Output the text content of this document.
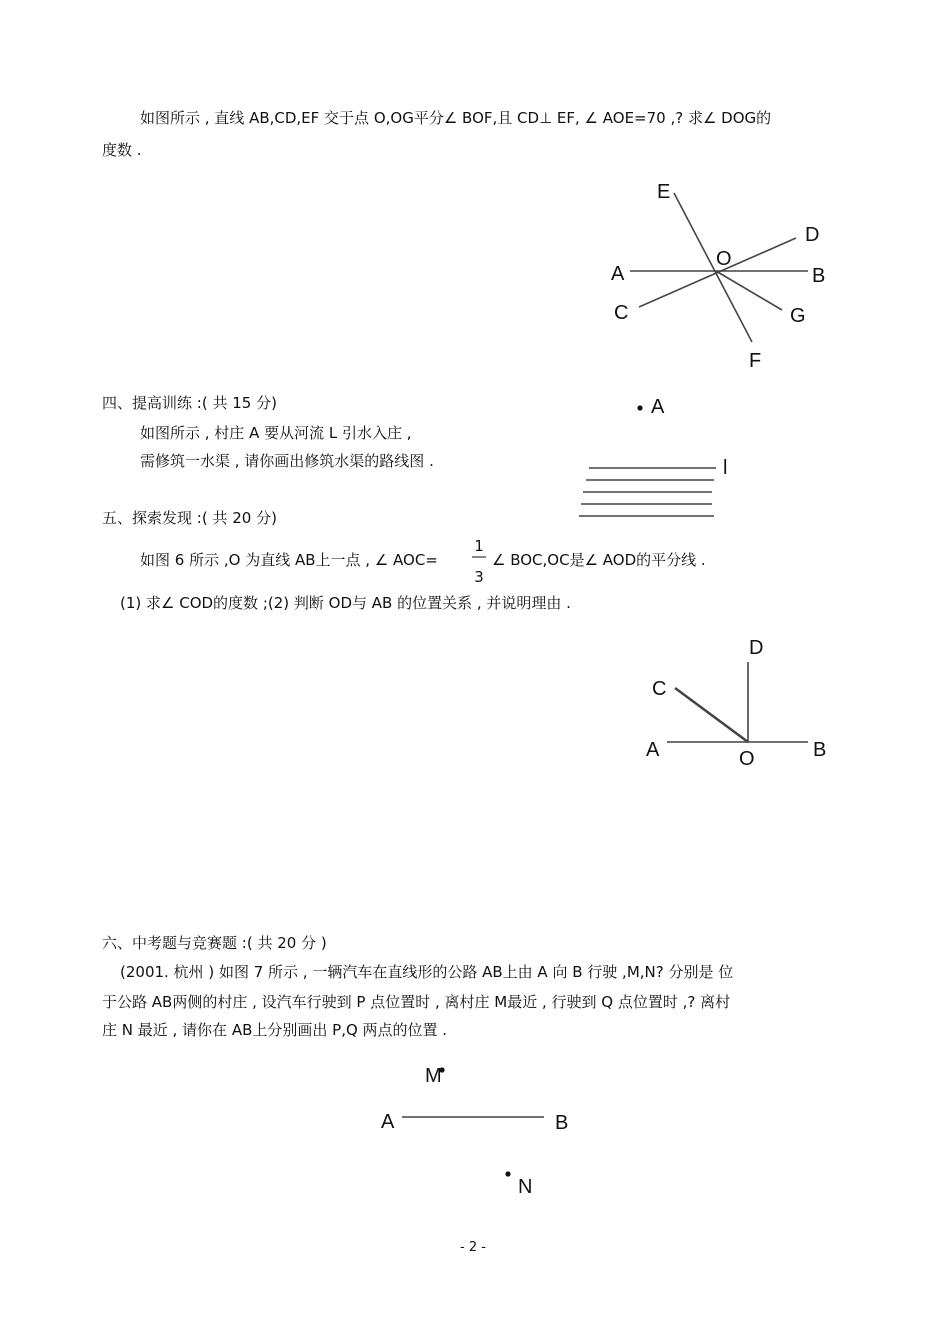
如图所示 , 直线 AB,CD,EF 交于点 O,OG平分∠ BOF,且 CD⊥ EF, ∠ AOE=70 ,? 求∠ DOG的
度数 .
E
D
O
A	B
C	G
F
四、提高训练 :( 共 15 分)
如图所示 , 村庄 A 要从河流 L 引水入庄 ,
需修筑一水渠 , 请你画出修筑水渠的路线图 .
A
l
五、探索发现 :( 共 20 分)
如图 6 所示 ,O 为直线 AB上一点 , ∠ AOC=
1
3
∠ BOC,OC是∠ AOD的平分线 .
(1) 求∠ COD的度数 ;(2) 判断 OD与 AB 的位置关系 , 并说明理由 .
D
C
A	O	B
六、中考题与竞赛题 :( 共 20 分 )
(2001. 杭州 ) 如图 7 所示 , 一辆汽车在直线形的公路 AB上由 A 向 B 行驶 ,M,N? 分别是 位
于公路 AB两侧的村庄 , 设汽车行驶到 P 点位置时 , 离村庄 M最近 , 行驶到 Q 点位置时 ,? 离村
庄 N 最近 , 请你在 AB上分别画出 P,Q 两点的位置 .
M
A	B
N
- 2 -
